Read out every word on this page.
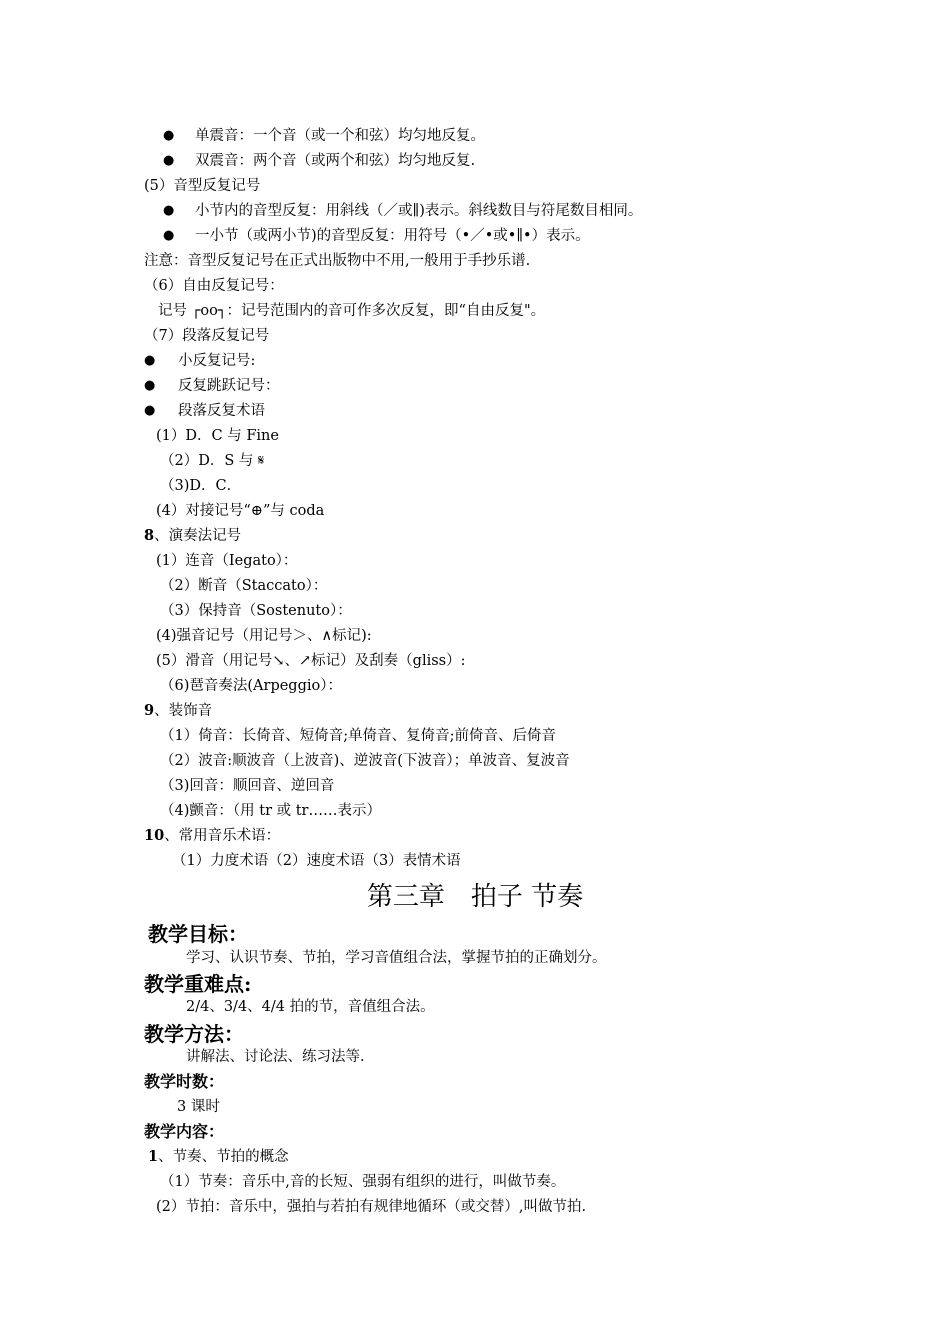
● 单震音：一个音（或一个和弦）均匀地反复。
● 双震音：两个音（或两个和弦）均匀地反复.
(5）音型反复记号
● 小节内的音型反复：用斜线（／或∥)表示。斜线数目与符尾数目相同。
● 一小节（或两小节)的音型反复：用符号（•／•或•∥•）表示。
注意：音型反复记号在正式出版物中不用,一般用于手抄乐谱.
（6）自由反复记号：
记号 ┌oo┐：记号范围内的音可作多次反复，即“自由反复"。
（7）段落反复记号
● 小反复记号:
● 反复跳跃记号：
● 段落反复术语
(1）D．C 与 Fine
（2）D．S 与 𝄋
（3)D．C．
(4）对接记号“⊕”与 coda
8、演奏法记号
(1）连音（Iegato）：
（2）断音（Staccato）：
（3）保持音（Sostenuto）：
(4)强音记号（用记号＞、∧标记):
(5）滑音（用记号↘、↗标记）及刮奏（gliss）:
（6)琶音奏法(Arpeggio）：
9、装饰音
（1）倚音：长倚音、短倚音;单倚音、复倚音;前倚音、后倚音
（2）波音:顺波音（上波音)、逆波音(下波音）；单波音、复波音
（3)回音：顺回音、逆回音
（4)颤音：（用 tr 或 tr……表示）
10、常用音乐术语：
（1）力度术语（2）速度术语（3）表情术语
第三章　拍子 节奏
教学目标：
学习、认识节奏、节拍，学习音值组合法，掌握节拍的正确划分。
教学重难点:
2/4、3/4、4/4 拍的节，音值组合法。
教学方法：
讲解法、讨论法、练习法等.
教学时数：
3 课时
教学内容：
1、节奏、节拍的概念
（1）节奏：音乐中,音的长短、强弱有组织的进行，叫做节奏。
(2）节拍：音乐中，强拍与若拍有规律地循环（或交替）,叫做节拍.
